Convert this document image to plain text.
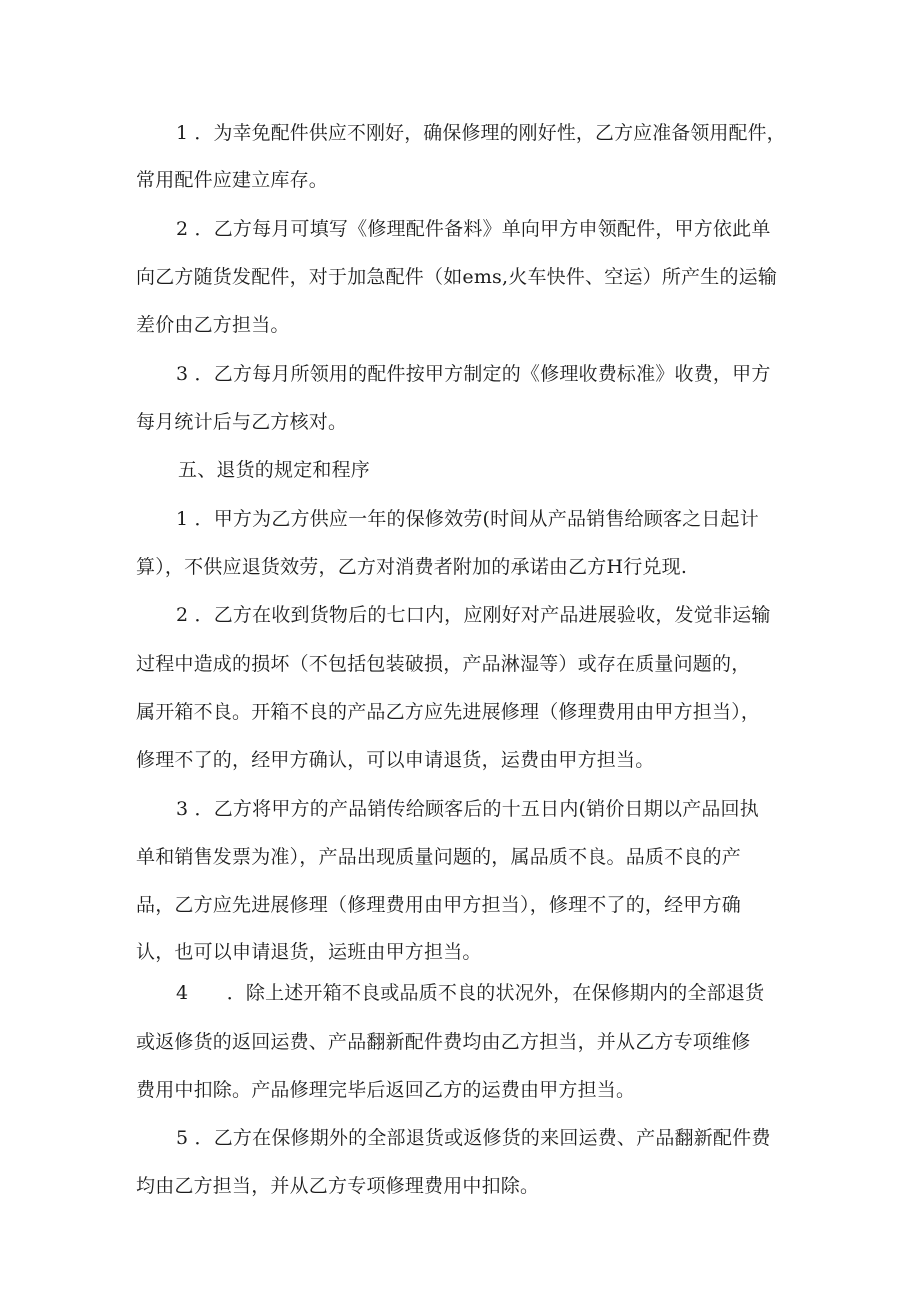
1 ．为幸免配件供应不刚好，确保修理的刚好性，乙方应准备领用配件，
常用配件应建立库存。
2 ．乙方每月可填写《修理配件备料》单向甲方申领配件，甲方依此单
向乙方随货发配件，对于加急配件（如ems,火车快件、空运）所产生的运输
差价由乙方担当。
3 ．乙方每月所领用的配件按甲方制定的《修理收费标准》收费，甲方
每月统计后与乙方核对。
五、退货的规定和程序
1 ．甲方为乙方供应一年的保修效劳(时间从产品销售给顾客之日起计
算），不供应退货效劳，乙方对消费者附加的承诺由乙方H行兑现.
2 ．乙方在收到货物后的七口内，应刚好对产品进展验收，发觉非运输
过程中造成的损坏（不包括包装破损，产品淋湿等）或存在质量问题的，
属开箱不良。开箱不良的产品乙方应先进展修理（修理费用由甲方担当），
修理不了的，经甲方确认，可以申请退货，运费由甲方担当。
3 ．乙方将甲方的产品销传给顾客后的十五日内(销价日期以产品回执
单和销售发票为准），产品出现质量问题的，属品质不良。品质不良的产
品，乙方应先进展修理（修理费用由甲方担当），修理不了的，经甲方确
认，也可以申请退货，运班由甲方担当。
4　　．除上述开箱不良或品质不良的状况外，在保修期内的全部退货
或返修货的返回运费、产品翻新配件费均由乙方担当，并从乙方专项维修
费用中扣除。产品修理完毕后返回乙方的运费由甲方担当。
5 ．乙方在保修期外的全部退货或返修货的来回运费、产品翻新配件费
均由乙方担当，并从乙方专项修理费用中扣除。
